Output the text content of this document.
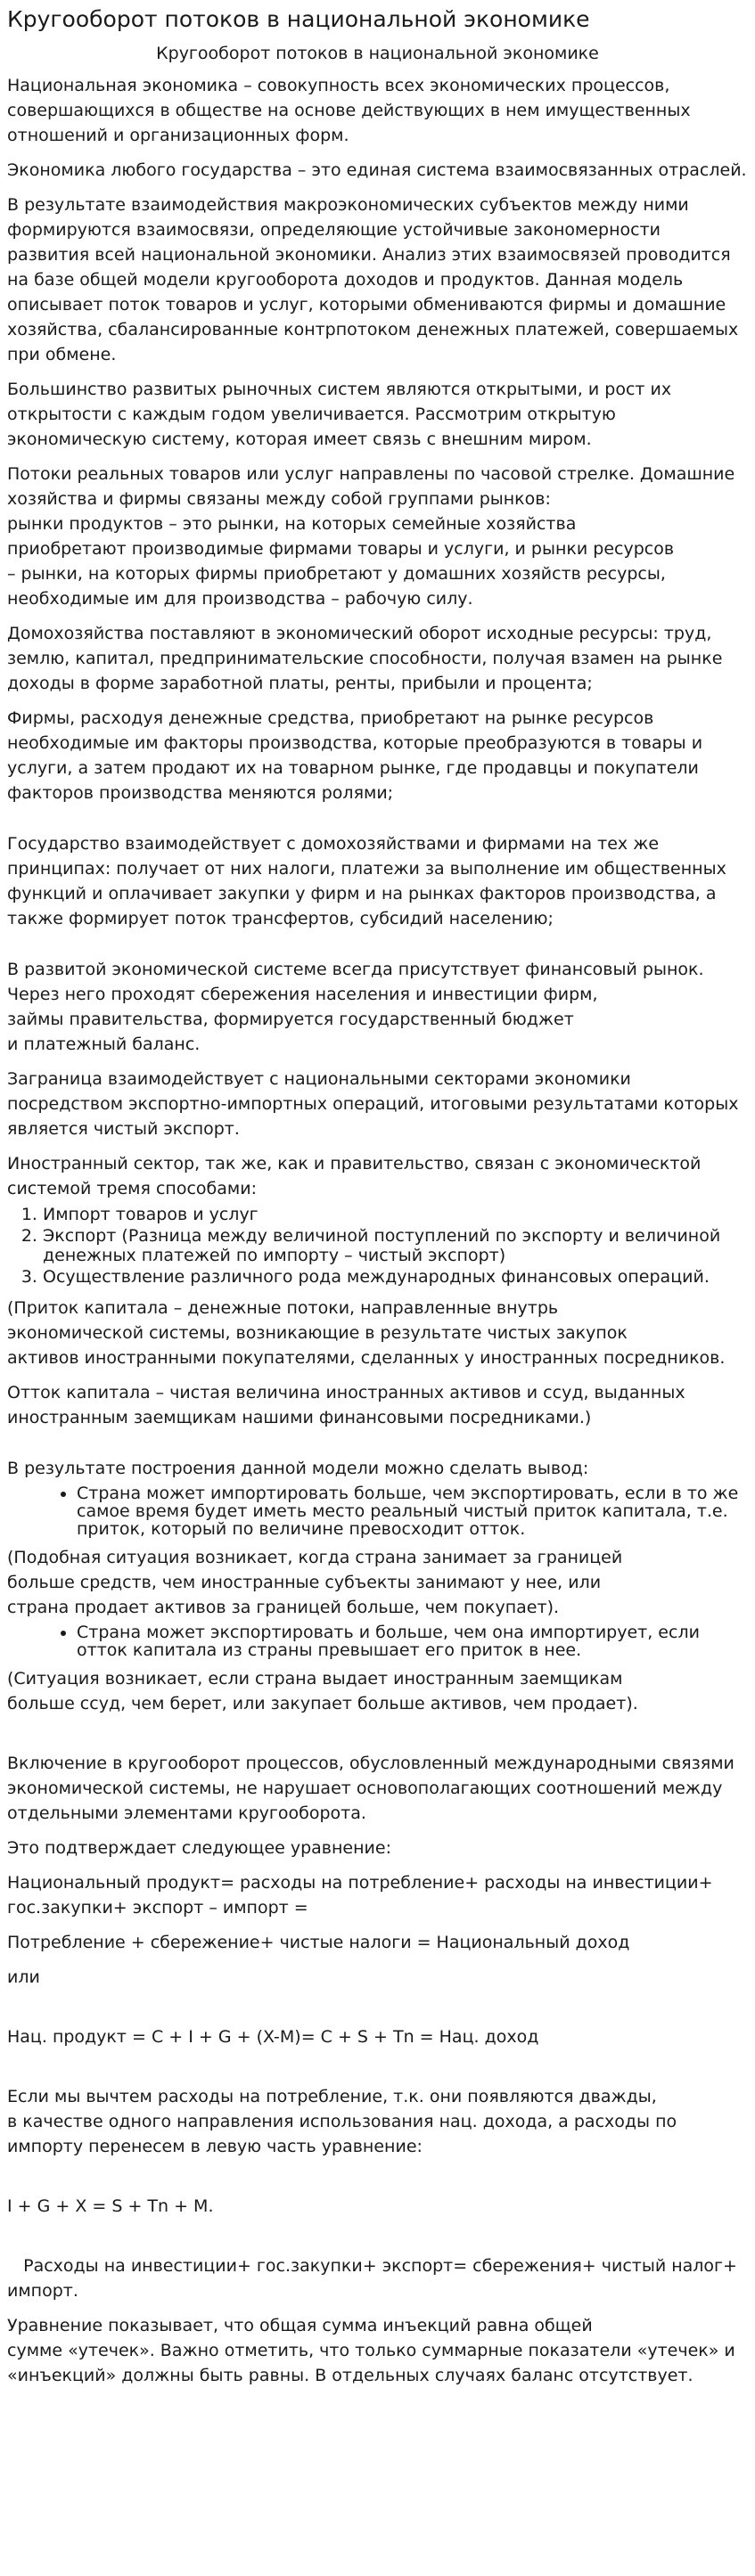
Кругооборот потоков в национальной экономике
Кругооборот потоков в национальной экономике

Национальная экономика – совокупность всех экономических процессов, совершающихся в обществе на основе действующих в нем имущественных отношений и организационных форм.

Экономика любого государства – это единая система взаимосвязанных отраслей.

В результате взаимодействия макроэкономических субъектов между ними формируются взаимосвязи, определяющие устойчивые закономерности развития всей национальной экономики. Анализ этих взаимосвязей проводится на базе общей модели кругооборота доходов и продуктов. Данная модель описывает поток товаров и услуг, которыми обмениваются фирмы и домашние хозяйства, сбалансированные контрпотоком денежных платежей, совершаемых при обмене.

Большинство развитых рыночных систем являются открытыми, и рост их открытости с каждым годом увеличивается. Рассмотрим открытую экономическую систему, которая имеет связь с внешним миром.

Потоки реальных товаров или услуг направлены по часовой стрелке. Домашние хозяйства и фирмы связаны между собой группами рынков:
рынки продуктов – это рынки, на которых семейные хозяйства
приобретают производимые фирмами товары и услуги, и рынки ресурсов
– рынки, на которых фирмы приобретают у домашних хозяйств ресурсы, необходимые им для производства – рабочую силу.

Домохозяйства поставляют в экономический оборот исходные ресурсы: труд, землю, капитал, предпринимательские способности, получая взамен на рынке доходы в форме заработной платы, ренты, прибыли и процента;

Фирмы, расходуя денежные средства, приобретают на рынке ресурсов необходимые им факторы производства, которые преобразуются в товары и услуги, а затем продают их на товарном рынке, где продавцы и покупатели факторов производства меняются ролями;

Государство взаимодействует с домохозяйствами и фирмами на тех же принципах: получает от них налоги, платежи за выполнение им общественных функций и оплачивает закупки у фирм и на рынках факторов производства, а также формирует поток трансфертов, субсидий населению;

В развитой экономической системе всегда присутствует финансовый рынок.
Через него проходят сбережения населения и инвестиции фирм,
займы правительства, формируется государственный бюджет
и платежный баланс.

Заграница взаимодействует с национальными секторами экономики посредством экспортно-импортных операций, итоговыми результатами которых является чистый экспорт.

Иностранный сектор, так же, как и правительство, связан с экономическтой системой тремя способами:

1. Импорт товаров и услуг
2. Экспорт (Разница между величиной поступлений по экспорту и величиной денежных платежей по импорту – чистый экспорт)
3. Осуществление различного рода международных финансовых операций.

(Приток капитала – денежные потоки, направленные внутрь
экономической системы, возникающие в результате чистых закупок
активов иностранными покупателями, сделанных у иностранных посредников.

Отток капитала – чистая величина иностранных активов и ссуд, выданных иностранным заемщикам нашими финансовыми посредниками.)

В результате построения данной модели можно сделать вывод:

• Страна может импортировать больше, чем экспортировать, если в то же самое время будет иметь место реальный чистый приток капитала, т.е. приток, который по величине превосходит отток.

(Подобная ситуация возникает, когда страна занимает за границей
больше средств, чем иностранные субъекты занимают у нее, или
страна продает активов за границей больше, чем покупает).

• Страна может экспортировать и больше, чем она импортирует, если отток капитала из страны превышает его приток в нее.

(Ситуация возникает, если страна выдает иностранным заемщикам
больше ссуд, чем берет, или закупает больше активов, чем продает).

Включение в кругооборот процессов, обусловленный международными связями экономической системы, не нарушает основополагающих соотношений между отдельными элементами кругооборота.

Это подтверждает следующее уравнение:

Национальный продукт= расходы на потребление+ расходы на инвестиции+ гос.закупки+ экспорт – импорт =

Потребление + сбережение+ чистые налоги = Национальный доход

или

Нац. продукт = C + I + G + (X-M)= C + S + Tn = Нац. доход

Если мы вычтем расходы на потребление, т.к. они появляются дважды,
в качестве одного направления использования нац. дохода, а расходы по импорту перенесем в левую часть уравнение:

I + G + X = S + Tn + M.

Расходы на инвестиции+ гос.закупки+ экспорт= сбережения+ чистый налог+ импорт.

Уравнение показывает, что общая сумма инъекций равна общей
сумме «утечек». Важно отметить, что только суммарные показатели «утечек» и «инъекций» должны быть равны. В отдельных случаях баланс отсутствует.
